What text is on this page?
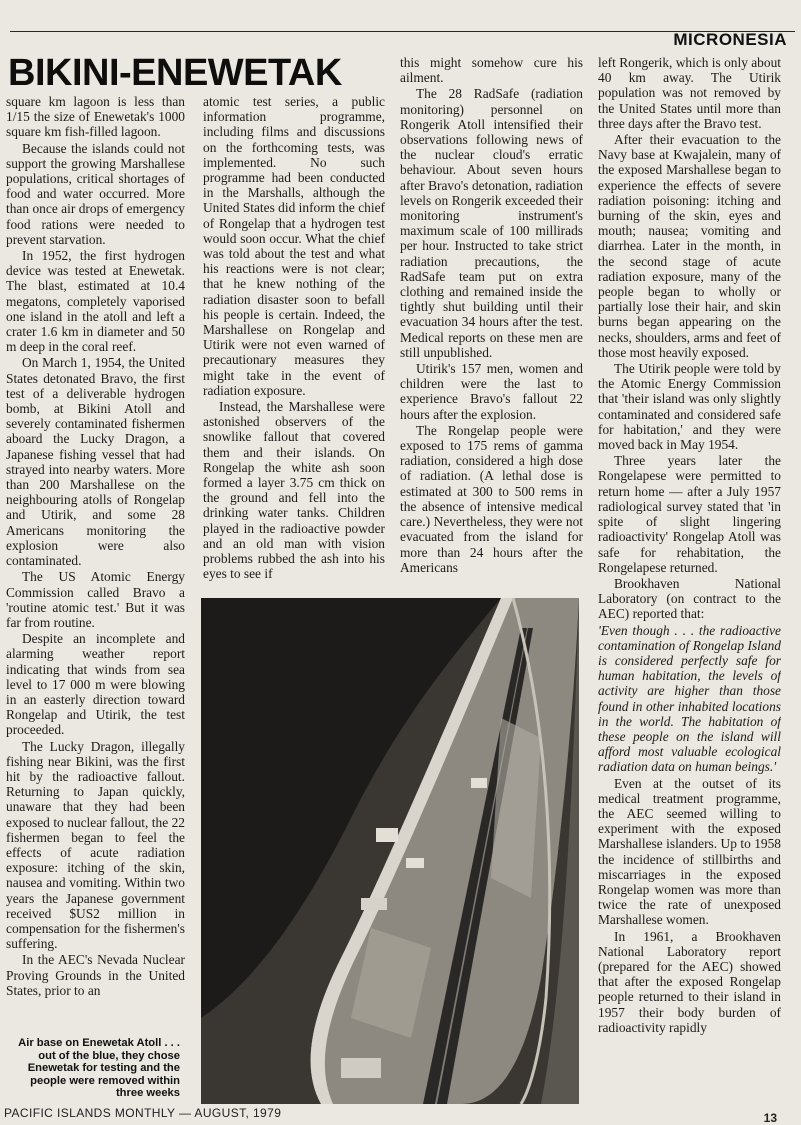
MICRONESIA
BIKINI-ENEWETAK

square km lagoon is less than 1/15 the size of Enewetak's 1000 square km fish-filled lagoon.

Because the islands could not support the growing Marshallese populations, critical shortages of food and water occurred. More than once air drops of emergency food rations were needed to prevent starvation.

In 1952, the first hydrogen device was tested at Enewetak. The blast, estimated at 10.4 megatons, completely vaporised one island in the atoll and left a crater 1.6 km in diameter and 50 m deep in the coral reef.

On March 1, 1954, the United States detonated Bravo, the first test of a deliverable hydrogen bomb, at Bikini Atoll and severely contaminated fishermen aboard the Lucky Dragon, a Japanese fishing vessel that had strayed into nearby waters. More than 200 Marshallese on the neighbouring atolls of Rongelap and Utirik, and some 28 Americans monitoring the explosion were also contaminated.

The US Atomic Energy Commission called Bravo a 'routine atomic test.' But it was far from routine.

Despite an incomplete and alarming weather report indicating that winds from sea level to 17 000 m were blowing in an easterly direction toward Rongelap and Utirik, the test proceeded.

The Lucky Dragon, illegally fishing near Bikini, was the first hit by the radioactive fallout. Returning to Japan quickly, unaware that they had been exposed to nuclear fallout, the 22 fishermen began to feel the effects of acute radiation exposure: itching of the skin, nausea and vomiting. Within two years the Japanese government received $US2 million in compensation for the fishermen's suffering.

In the AEC's Nevada Nuclear Proving Grounds in the United States, prior to an

atomic test series, a public information programme, including films and discussions on the forthcoming tests, was implemented. No such programme had been conducted in the Marshalls, although the United States did inform the chief of Rongelap that a hydrogen test would soon occur. What the chief was told about the test and what his reactions were is not clear; that he knew nothing of the radiation disaster soon to befall his people is certain. Indeed, the Marshallese on Rongelap and Utirik were not even warned of precautionary measures they might take in the event of radiation exposure.

Instead, the Marshallese were astonished observers of the snowlike fallout that covered them and their islands. On Rongelap the white ash soon formed a layer 3.75 cm thick on the ground and fell into the drinking water tanks. Children played in the radioactive powder and an old man with vision problems rubbed the ash into his eyes to see if

this might somehow cure his ailment.

The 28 RadSafe (radiation monitoring) personnel on Rongerik Atoll intensified their observations following news of the nuclear cloud's erratic behaviour. About seven hours after Bravo's detonation, radiation levels on Rongerik exceeded their monitoring instrument's maximum scale of 100 millirads per hour. Instructed to take strict radiation precautions, the RadSafe team put on extra clothing and remained inside the tightly shut building until their evacuation 34 hours after the test. Medical reports on these men are still unpublished.

Utirik's 157 men, women and children were the last to experience Bravo's fallout 22 hours after the explosion.

The Rongelap people were exposed to 175 rems of gamma radiation, considered a high dose of radiation. (A lethal dose is estimated at 300 to 500 rems in the absence of intensive medical care.) Nevertheless, they were not evacuated from the island for more than 24 hours after the Americans

left Rongerik, which is only about 40 km away. The Utirik population was not removed by the United States until more than three days after the Bravo test.

After their evacuation to the Navy base at Kwajalein, many of the exposed Marshallese began to experience the effects of severe radiation poisoning: itching and burning of the skin, eyes and mouth; nausea; vomiting and diarrhea. Later in the month, in the second stage of acute radiation exposure, many of the people began to wholly or partially lose their hair, and skin burns began appearing on the necks, shoulders, arms and feet of those most heavily exposed.

The Utirik people were told by the Atomic Energy Commission that 'their island was only slightly contaminated and considered safe for habitation,' and they were moved back in May 1954.

Three years later the Rongelapese were permitted to return home — after a July 1957 radiological survey stated that 'in spite of slight lingering radioactivity' Rongelap Atoll was safe for rehabitation, the Rongelapese returned.

Brookhaven National Laboratory (on contract to the AEC) reported that:

'Even though . . . the radioactive contamination of Rongelap Island is considered perfectly safe for human habitation, the levels of activity are higher than those found in other inhabited locations in the world. The habitation of these people on the island will afford most valuable ecological radiation data on human beings.'

Even at the outset of its medical treatment programme, the AEC seemed willing to experiment with the exposed Marshallese islanders. Up to 1958 the incidence of stillbirths and miscarriages in the exposed Rongelap women was more than twice the rate of unexposed Marshallese women.

In 1961, a Brookhaven National Laboratory report (prepared for the AEC) showed that after the exposed Rongelap people returned to their island in 1957 their body burden of radioactivity rapidly

Air base on Enewetak Atoll . . . out of the blue, they chose Enewetak for testing and the people were removed within three weeks
PACIFIC ISLANDS MONTHLY — AUGUST, 1979	13
